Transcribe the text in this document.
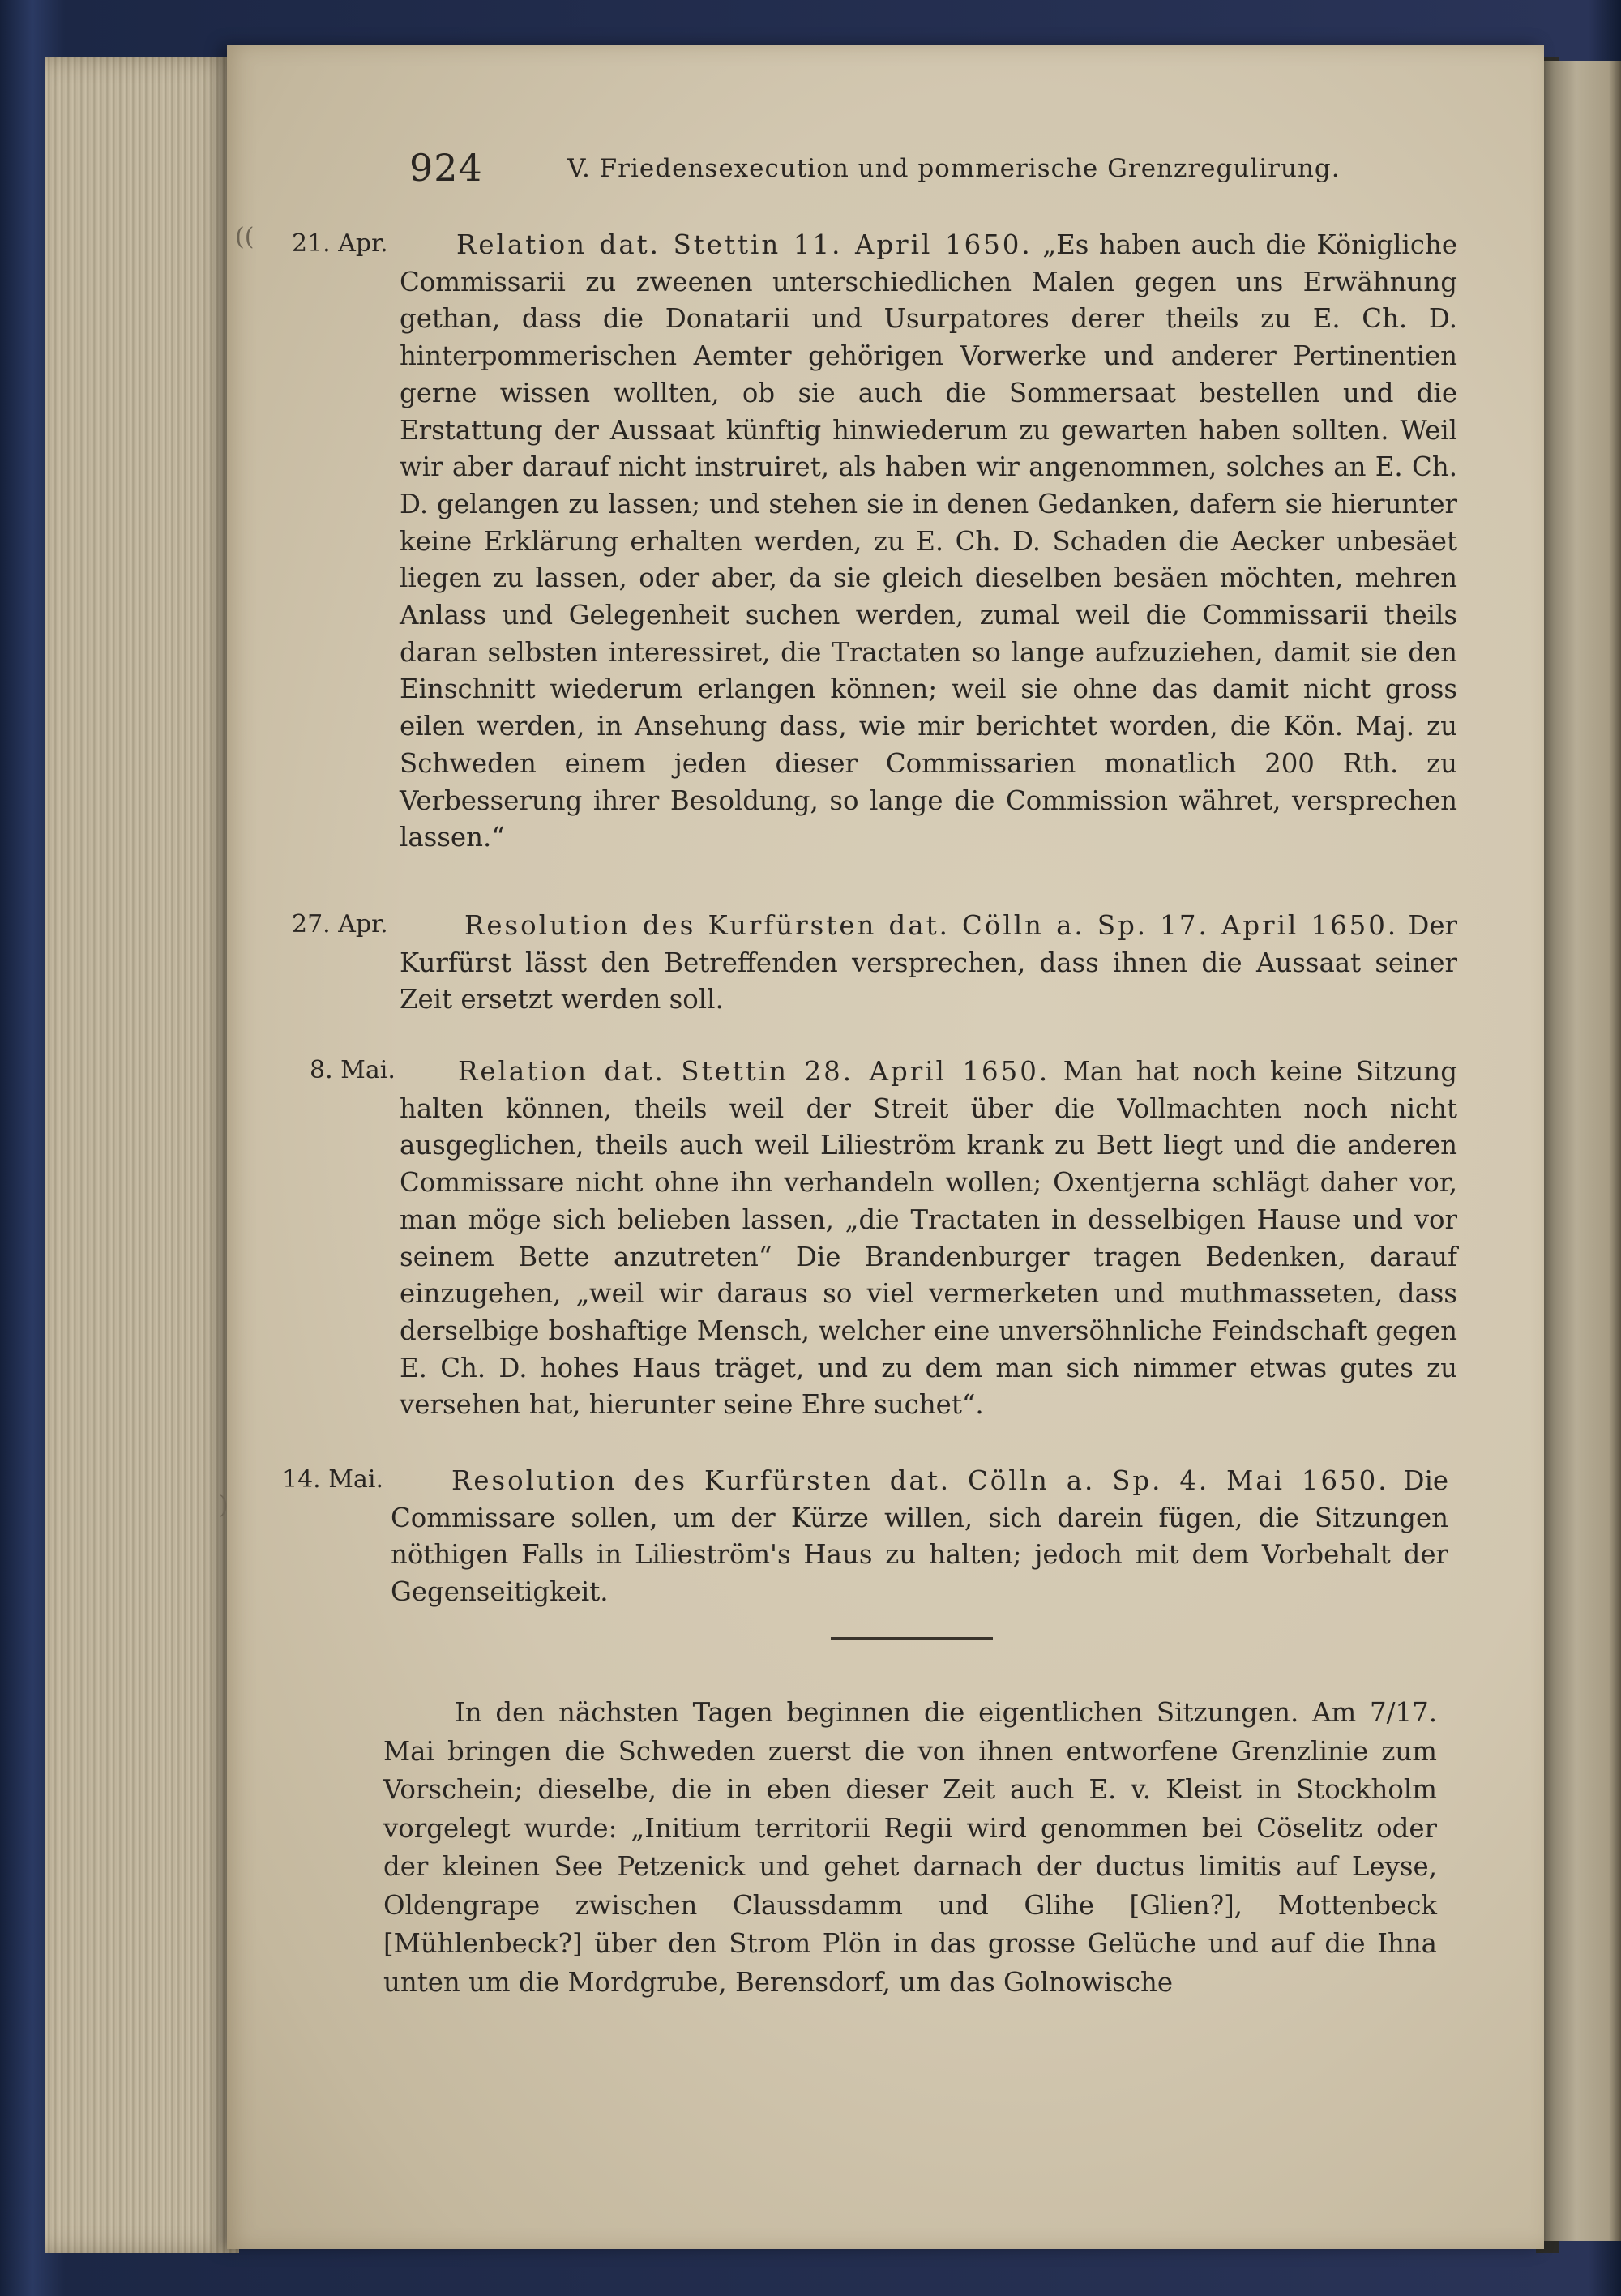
((
)
924	V. Friedensexecution und pommerische Grenzregulirung.
21. Apr.	Relation dat. Stettin 11. April 1650. „Es haben auch die Königliche Commissarii zu zweenen unterschiedlichen Malen gegen uns Erwähnung gethan, dass die Donatarii und Usurpatores derer theils zu E. Ch. D. hinterpommerischen Aemter gehörigen Vorwerke und anderer Pertinentien gerne wissen wollten, ob sie auch die Sommersaat bestellen und die Erstattung der Aussaat künftig hinwiederum zu gewarten haben sollten. Weil wir aber darauf nicht instruiret, als haben wir angenommen, solches an E. Ch. D. gelangen zu lassen; und stehen sie in denen Gedanken, dafern sie hierunter keine Erklärung erhalten werden, zu E. Ch. D. Schaden die Aecker unbesäet liegen zu lassen, oder aber, da sie gleich dieselben besäen möchten, mehren Anlass und Gelegenheit suchen werden, zumal weil die Commissarii theils daran selbsten interessiret, die Tractaten so lange aufzuziehen, damit sie den Einschnitt wiederum erlangen können; weil sie ohne das damit nicht gross eilen werden, in Ansehung dass, wie mir berichtet worden, die Kön. Maj. zu Schweden einem jeden dieser Commissarien monatlich 200 Rth. zu Verbesserung ihrer Besoldung, so lange die Commission währet, versprechen lassen.“
27. Apr.	Resolution des Kurfürsten dat. Cölln a. Sp. 17. April 1650. Der Kurfürst lässt den Betreffenden versprechen, dass ihnen die Aussaat seiner Zeit ersetzt werden soll.
8. Mai.	Relation dat. Stettin 28. April 1650. Man hat noch keine Sitzung halten können, theils weil der Streit über die Vollmachten noch nicht ausgeglichen, theils auch weil Lilieström krank zu Bett liegt und die anderen Commissare nicht ohne ihn verhandeln wollen; Oxentjerna schlägt daher vor, man möge sich belieben lassen, „die Tractaten in desselbigen Hause und vor seinem Bette anzutreten“ Die Brandenburger tragen Bedenken, darauf einzugehen, „weil wir daraus so viel vermerketen und muthmasseten, dass derselbige boshaftige Mensch, welcher eine unversöhnliche Feindschaft gegen E. Ch. D. hohes Haus träget, und zu dem man sich nimmer etwas gutes zu versehen hat, hierunter seine Ehre suchet“.
14. Mai.	Resolution des Kurfürsten dat. Cölln a. Sp. 4. Mai 1650. Die Commissare sollen, um der Kürze willen, sich darein fügen, die Sitzungen nöthigen Falls in Lilieström's Haus zu halten; jedoch mit dem Vorbehalt der Gegenseitigkeit.
In den nächsten Tagen beginnen die eigentlichen Sitzungen. Am 7/17. Mai bringen die Schweden zuerst die von ihnen entworfene Grenzlinie zum Vorschein; dieselbe, die in eben dieser Zeit auch E. v. Kleist in Stockholm vorgelegt wurde: „Initium territorii Regii wird genommen bei Cöselitz oder der kleinen See Petzenick und gehet darnach der ductus limitis auf Leyse, Oldengrape zwischen Claussdamm und Glihe [Glien?], Mottenbeck [Mühlenbeck?] über den Strom Plön in das grosse Gelüche und auf die Ihna unten um die Mordgrube, Berensdorf, um das Golnowische
